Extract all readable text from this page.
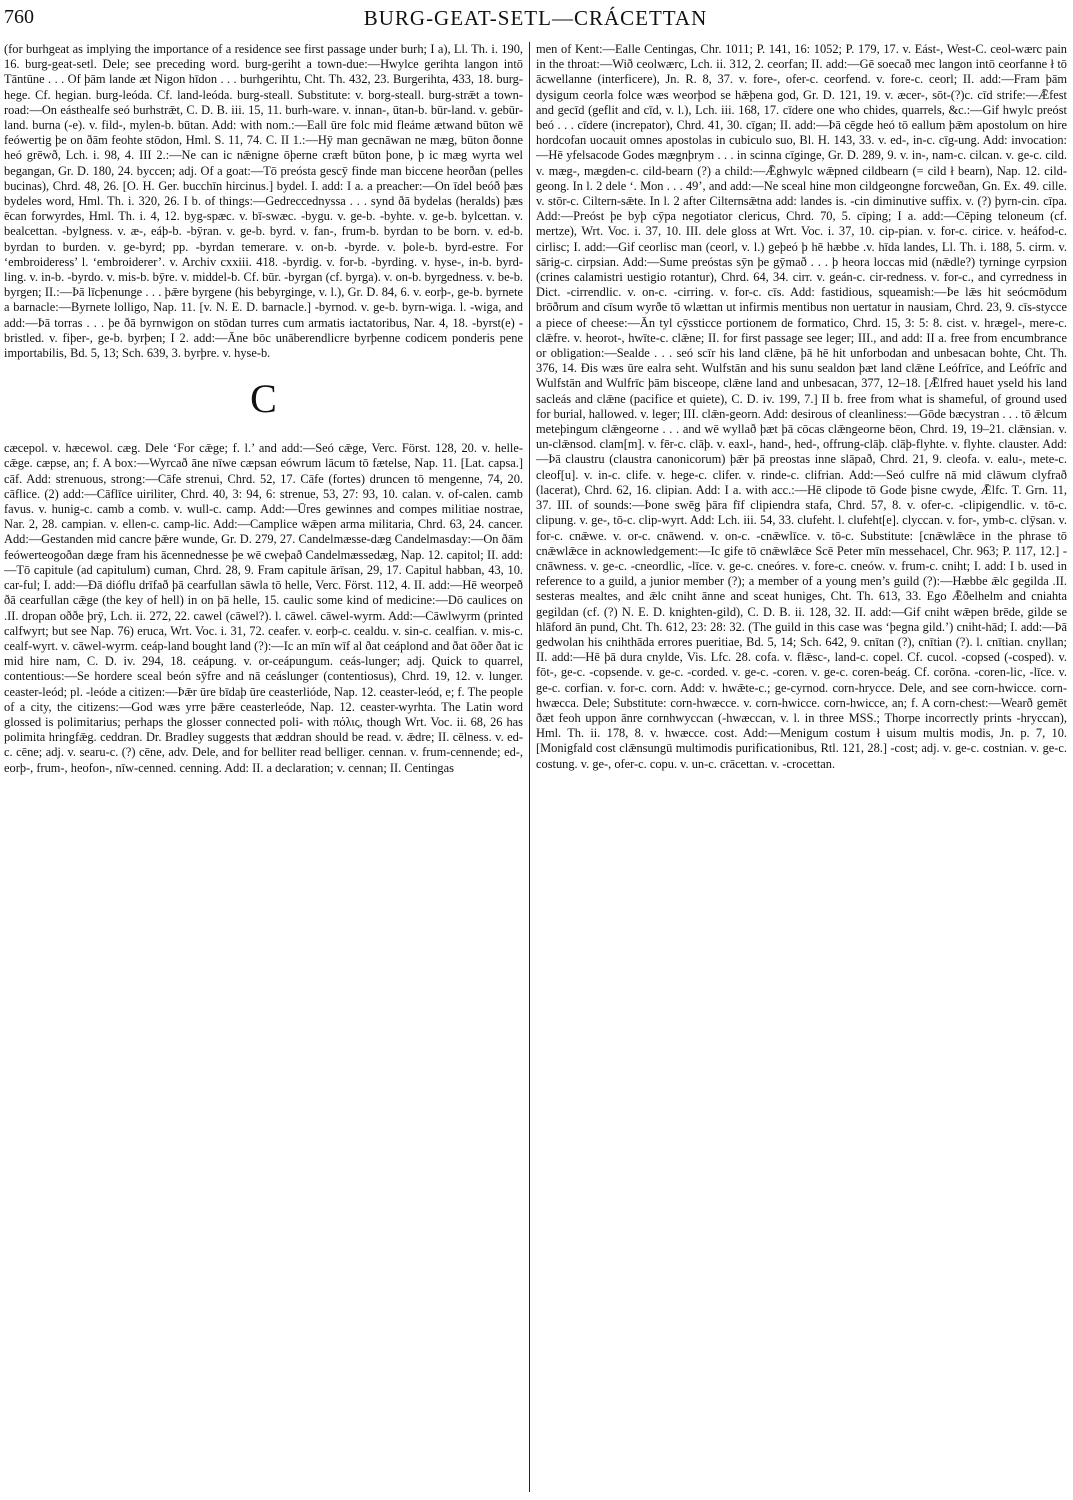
760	BURG-GEAT-SETL—CRÁCETTAN

(for burhgeat as implying the importance of a residence see first passage under burh; I a), Ll. Th. i. 190, 16. burg-geat-setl. Dele; see preceding word. burg-geriht a town-due:—Hwylce gerihta langon intō Tāntūne . . . Of þām lande æt Nigon hīdon . . . burhgerihtu, Cht. Th. 432, 23. Burgerihta, 433, 18. burg-hege. Cf. hegian. burg-leóda. Cf. land-leóda. burg-steall. Substitute: v. borg-steall. burg-strǣt a town-road:—On eásthealfe seó burhstrǣt, C. D. B. iii. 15, 11. burh-ware. v. innan-, ūtan-b. būr-land. v. gebūr-land. burna (-e). v. fild-, mylen-b. būtan. Add: with nom.:—Eall ūre folc mid fleáme ætwand būton wē feówertig þe on ðām feohte stōdon, Hml. S. 11, 74. C. II 1.:—Hȳ man gecnāwan ne mæg, būton ðonne heó grēwð, Lch. i. 98, 4. III 2.:—Ne can ic nǣnigne ōþerne cræft būton þone, þ ic mæg wyrta wel begangan, Gr. D. 180, 24. byccen; adj. Of a goat:—Tō preósta gescȳ finde man biccene heorðan (pelles bucinas), Chrd. 48, 26. [O. H. Ger. bucchīn hircinus.] bydel. I. add: I a. a preacher:—On īdel beóð þæs bydeles word, Hml. Th. i. 320, 26. I b. of things:—Gedreccednyssa . . . synd ðā bydelas (heralds) þæs ēcan forwyrdes, Hml. Th. i. 4, 12. byg-spæc. v. bī-swæc. -bygu. v. ge-b. -byhte. v. ge-b. bylcettan. v. bealcettan. -bylgness. v. æ-, eáþ-b. -bȳran. v. ge-b. byrd. v. fan-, frum-b. byrdan to be born. v. ed-b. byrdan to burden. v. ge-byrd; pp. -byrdan temerare. v. on-b. -byrde. v. þole-b. byrd-estre. For ‘embroideress’ l. ‘embroiderer’. v. Archiv cxxiii. 418. -byrdig. v. for-b. -byrding. v. hyse-, in-b. byrd-ling. v. in-b. -byrdo. v. mis-b. bȳre. v. middel-b. Cf. būr. -byrgan (cf. byrga). v. on-b. byrgedness. v. be-b. byrgen; II.:—Þā līcþenunge . . . þǣre byrgene (his bebyrginge, v. l.), Gr. D. 84, 6. v. eorþ-, ge-b. byrnete a barnacle:—Byrnete lolligo, Nap. 11. [v. N. E. D. barnacle.] -byrnod. v. ge-b. byrn-wiga. l. -wiga, and add:—Þā torras . . . þe ðā byrnwigon on stōdan turres cum armatis iactatoribus, Nar. 4, 18. -byrst(e) -bristled. v. fiþer-, ge-b. byrþen; I 2. add:—Āne bōc unāberendlicre byrþenne codicem ponderis pene importabilis, Bd. 5, 13; Sch. 639, 3. byrþre. v. hyse-b.

C

cæcepol. v. hæcewol. cæg. Dele ‘For cǣge; f. l.’ and add:—Seó cǣge, Verc. Först. 128, 20. v. helle-cǣge. cæpse, an; f. A box:—Wyrcað āne nīwe cæpsan eówrum lācum tō fætelse, Nap. 11. [Lat. capsa.] cāf. Add: strenuous, strong:—Cāfe strenui, Chrd. 52, 17. Cāfe (fortes) druncen tō mengenne, 74, 20. cāflice. (2) add:—Cāflīce uiriliter, Chrd. 40, 3: 94, 6: strenue, 53, 27: 93, 10. calan. v. of-calen. camb favus. v. hunig-c. camb a comb. v. wull-c. camp. Add:—Ūres gewinnes and compes militiae nostrae, Nar. 2, 28. campian. v. ellen-c. camp-lic. Add:—Camplice wǣpen arma militaria, Chrd. 63, 24. cancer. Add:—Gestanden mid cancre þǣre wunde, Gr. D. 279, 27. Candelmæsse-dæg Candelmasday:—On ðām feówerteogoðan dæge fram his ācennednesse þe wē cweþað Candelmæssedæg, Nap. 12. capitol; II. add:—Tō capitule (ad capitulum) cuman, Chrd. 28, 9. Fram capitule ārīsan, 29, 17. Capitul habban, 43, 10. car-ful; I. add:—Ðā dióflu drīfað þā cearfullan sāwla tō helle, Verc. Först. 112, 4. II. add:—Hē weorpeð ðā cearfullan cǣge (the key of hell) in on þā helle, 15. caulic some kind of medicine:—Dō caulices on .II. dropan oððe þrȳ, Lch. ii. 272, 22. cawel (cāwel?). l. cāwel. cāwel-wyrm. Add:—Cāwlwyrm (printed calfwyrt; but see Nap. 76) eruca, Wrt. Voc. i. 31, 72. ceafer. v. eorþ-c. cealdu. v. sin-c. cealfian. v. mis-c. cealf-wyrt. v. cāwel-wyrm. ceáp-land bought land (?):—Ic an mīn wīf al ðat ceáplond and ðat ōðer ðat ic mid hire nam, C. D. iv. 294, 18. ceápung. v. or-ceápungum. ceás-lunger; adj. Quick to quarrel, contentious:—Se hordere sceal beón sȳfre and nā ceáslunger (contentiosus), Chrd. 19, 12. v. lunger. ceaster-leód; pl. -leóde a citizen:—Þǣr ūre bīdaþ ūre ceasterlióde, Nap. 12. ceaster-leód, e; f. The people of a city, the citizens:—God wæs yrre þǣre ceasterleóde, Nap. 12. ceaster-wyrhta. The Latin word glossed is polimitarius; perhaps the glosser connected poli- with πόλις, though Wrt. Voc. ii. 68, 26 has polimita hringfǣg. ceddran. Dr. Bradley suggests that æddran should be read. v. ǣdre; II. cēlness. v. ed-c. cēne; adj. v. searu-c. (?) cēne, adv. Dele, and for belliter read belliger. cennan. v. frum-cennende; ed-, eorþ-, frum-, heofon-, nīw-cenned. cenning. Add: II. a declaration; v. cennan; II. Centingas

men of Kent:—Ealle Centingas, Chr. 1011; P. 141, 16: 1052; P. 179, 17. v. Eást-, West-C. ceol-wærc pain in the throat:—Wið ceolwærc, Lch. ii. 312, 2. ceorfan; II. add:—Gē soecað mec langon intō ceorfanne ł tō ācwellanne (interficere), Jn. R. 8, 37. v. fore-, ofer-c. ceorfend. v. fore-c. ceorl; II. add:—Fram þām dysigum ceorla folce wæs weorþod se hǣþena god, Gr. D. 121, 19. v. æcer-, sōt-(?)c. cīd strife:—Ǣfest and gecīd (geflit and cīd, v. l.), Lch. iii. 168, 17. cīdere one who chides, quarrels, &c.:—Gif hwylc preóst beó . . . cīdere (increpator), Chrd. 41, 30. cīgan; II. add:—Þā cēgde heó tō eallum þǣm apostolum on hire hordcofan uocauit omnes apostolas in cubiculo suo, Bl. H. 143, 33. v. ed-, in-c. cīg-ung. Add: invocation:—Hē yfelsacode Godes mægnþrym . . . in scinna cīginge, Gr. D. 289, 9. v. in-, nam-c. cilcan. v. ge-c. cild. v. mæg-, mægden-c. cild-bearn (?) a child:—Ǣghwylc wǣpned cildbearn (= cild ł bearn), Nap. 12. cild-geong. In l. 2 dele ‘. Mon . . . 49’, and add:—Ne sceal hine mon cildgeongne forcweðan, Gn. Ex. 49. cille. v. stōr-c. Ciltern-sǣte. In l. 2 after Cilternsǣtna add: landes is. -cin diminutive suffix. v. (?) þyrn-cin. cīpa. Add:—Preóst þe byþ cȳpa negotiator clericus, Chrd. 70, 5. cīping; I a. add:—Cēping teloneum (cf. mertze), Wrt. Voc. i. 37, 10. III. dele gloss at Wrt. Voc. i. 37, 10. cip-pian. v. for-c. cirice. v. heáfod-c. cirlisc; I. add:—Gif ceorlisc man (ceorl, v. l.) geþeó þ hē hæbbe .v. hīda landes, Ll. Th. i. 188, 5. cirm. v. sārig-c. cirpsian. Add:—Sume preóstas sȳn þe gȳmað . . . þ heora loccas mid (nǣdle?) tyrninge cyrpsion (crines calamistri uestigio rotantur), Chrd. 64, 34. cirr. v. geán-c. cir-redness. v. for-c., and cyrredness in Dict. -cirrendlic. v. on-c. -cirring. v. for-c. cīs. Add: fastidious, squeamish:—Þe lǣs hit seócmōdum brōðrum and cīsum wyrðe tō wlættan ut infirmis mentibus non uertatur in nausiam, Chrd. 23, 9. cīs-stycce a piece of cheese:—Ān tyl cȳssticce portionem de formatico, Chrd. 15, 3: 5: 8. cist. v. hrægel-, mere-c. clǣfre. v. heorot-, hwīte-c. clǣne; II. for first passage see leger; III., and add: II a. free from encumbrance or obligation:—Sealde . . . seó scīr his land clǣne, þā hē hit unforbodan and unbesacan bohte, Cht. Th. 376, 14. Ðis wæs ūre ealra seht. Wulfstān and his sunu sealdon þæt land clǣne Leófrīce, and Leófrīc and Wulfstān and Wulfrīc þām bisceope, clǣne land and unbesacan, 377, 12–18. [Ǣlfred hauet yseld his land sacleás and clǣne (pacifice et quiete), C. D. iv. 199, 7.] II b. free from what is shameful, of ground used for burial, hallowed. v. leger; III. clǣn-georn. Add: desirous of cleanliness:—Gōde bæcystran . . . tō ǣlcum meteþingum clǣngeorne . . . and wē wyllað þæt þā cōcas clǣngeorne bēon, Chrd. 19, 19–21. clǣnsian. v. un-clǣnsod. clam[m]. v. fēr-c. clāþ. v. eaxl-, hand-, hed-, offrung-clāþ. clāþ-flyhte. v. flyhte. clauster. Add:—Þā claustru (claustra canonicorum) þǣr þā preostas inne slāpað, Chrd. 21, 9. cleofa. v. ealu-, mete-c. cleof[u]. v. in-c. clife. v. hege-c. clifer. v. rinde-c. clifrian. Add:—Seó culfre nā mid clāwum clyfrað (lacerat), Chrd. 62, 16. clipian. Add: I a. with acc.:—Hē clipode tō Gode þisne cwyde, Ǣlfc. T. Grn. 11, 37. III. of sounds:—Þone swēg þāra fīf clipiendra stafa, Chrd. 57, 8. v. ofer-c. -clipigendlic. v. tō-c. clipung. v. ge-, tō-c. clip-wyrt. Add: Lch. iii. 54, 33. clufeht. l. clufeht[e]. clyccan. v. for-, ymb-c. clȳsan. v. for-c. cnǣwe. v. or-c. cnāwend. v. on-c. -cnǣwlīce. v. tō-c. Substitute: [cnǣwlǣce in the phrase tō cnǣwlǣce in acknowledgement:—Ic gife tō cnǣwlǣce Scē Peter mīn messehacel, Chr. 963; P. 117, 12.] -cnāwness. v. ge-c. -cneordlic, -līce. v. ge-c. cneóres. v. fore-c. cneów. v. frum-c. cniht; I. add: I b. used in reference to a guild, a junior member (?); a member of a young men’s guild (?):—Hæbbe ǣlc gegilda .II. sesteras mealtes, and ǣlc cniht ānne and sceat huniges, Cht. Th. 613, 33. Ego Ǣðelhelm and cniahta gegildan (cf. (?) N. E. D. knighten-gild), C. D. B. ii. 128, 32. II. add:—Gif cniht wǣpen brēde, gilde se hlāford ān pund, Cht. Th. 612, 23: 28: 32. (The guild in this case was ‘þegna gild.’) cniht-hād; I. add:—Þā gedwolan his cnihthāda errores pueritiae, Bd. 5, 14; Sch. 642, 9. cnītan (?), cnītian (?). l. cnītian. cnyllan; II. add:—Hē þā dura cnylde, Vis. Lfc. 28. cofa. v. flǣsc-, land-c. copel. Cf. cucol. -copsed (-cosped). v. fōt-, ge-c. -copsende. v. ge-c. -corded. v. ge-c. -coren. v. ge-c. coren-beág. Cf. corōna. -coren-lic, -līce. v. ge-c. corfian. v. for-c. corn. Add: v. hwǣte-c.; ge-cyrnod. corn-hrycce. Dele, and see corn-hwicce. corn-hwæcca. Dele; Substitute: corn-hwæcce. v. corn-hwicce. corn-hwicce, an; f. A corn-chest:—Wearð gemēt ðæt feoh uppon ānre cornhwyccan (-hwæccan, v. l. in three MSS.; Thorpe incorrectly prints -hryccan), Hml. Th. ii. 178, 8. v. hwæcce. cost. Add:—Menigum costum ł uisum multis modis, Jn. p. 7, 10. [Monigfald cost clǣnsungū multimodis purificationibus, Rtl. 121, 28.] -cost; adj. v. ge-c. costnian. v. ge-c. costung. v. ge-, ofer-c. copu. v. un-c. crācettan. v. -crocettan.
